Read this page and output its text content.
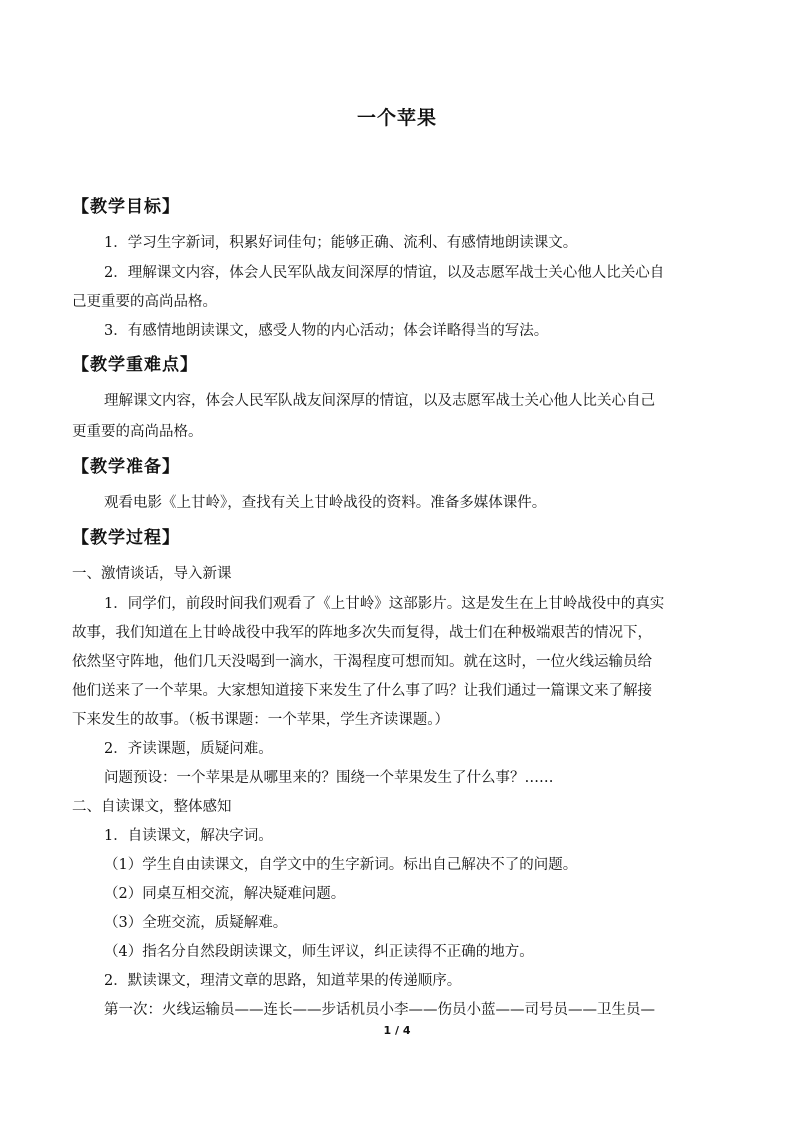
一个苹果
【教学目标】
1．学习生字新词，积累好词佳句；能够正确、流利、有感情地朗读课文。
2．理解课文内容，体会人民军队战友间深厚的情谊，以及志愿军战士关心他人比关心自
己更重要的高尚品格。
3．有感情地朗读课文，感受人物的内心活动；体会详略得当的写法。
【教学重难点】
理解课文内容，体会人民军队战友间深厚的情谊，以及志愿军战士关心他人比关心自己
更重要的高尚品格。
【教学准备】
观看电影《上甘岭》，查找有关上甘岭战役的资料。准备多媒体课件。
【教学过程】
一、激情谈话，导入新课
1．同学们，前段时间我们观看了《上甘岭》这部影片。这是发生在上甘岭战役中的真实
故事，我们知道在上甘岭战役中我军的阵地多次失而复得，战士们在种极端艰苦的情况下，
依然坚守阵地，他们几天没喝到一滴水，干渴程度可想而知。就在这时，一位火线运输员给
他们送来了一个苹果。大家想知道接下来发生了什么事了吗？让我们通过一篇课文来了解接
下来发生的故事。（板书课题：一个苹果，学生齐读课题。）
2．齐读课题，质疑问难。
问题预设：一个苹果是从哪里来的？围绕一个苹果发生了什么事？……
二、自读课文，整体感知
1．自读课文，解决字词。
（1）学生自由读课文，自学文中的生字新词。标出自己解决不了的问题。
（2）同桌互相交流，解决疑难问题。
（3）全班交流，质疑解难。
（4）指名分自然段朗读课文，师生评议，纠正读得不正确的地方。
2．默读课文，理清文章的思路，知道苹果的传递顺序。
第一次：火线运输员——连长——步话机员小李——伤员小蓝——司号员——卫生员—
1 / 4
